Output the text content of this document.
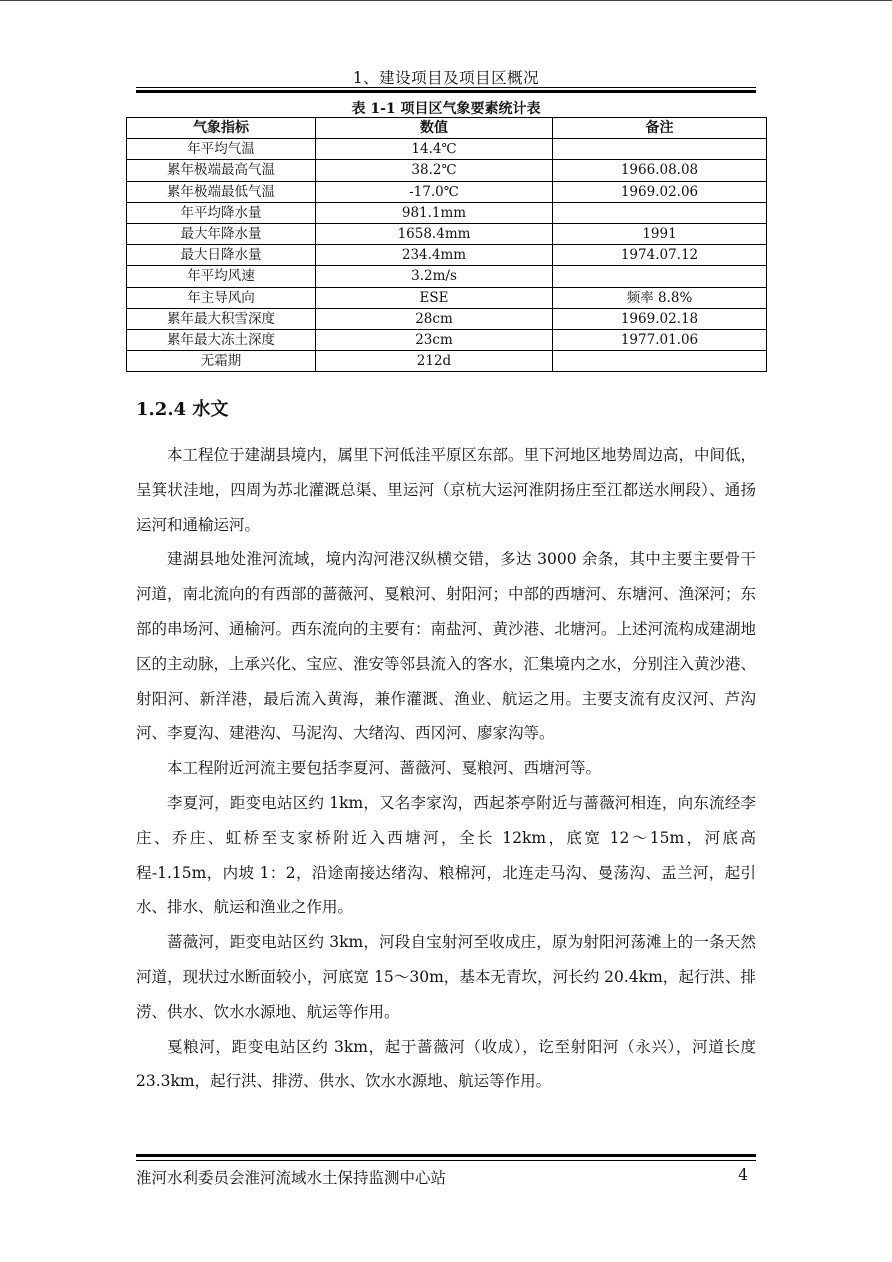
1、建设项目及项目区概况
表 1-1 项目区气象要素统计表
气象指标	数值	备注
年平均气温	14.4℃	
累年极端最高气温	38.2℃	1966.08.08
累年极端最低气温	-17.0℃	1969.02.06
年平均降水量	981.1mm	
最大年降水量	1658.4mm	1991
最大日降水量	234.4mm	1974.07.12
年平均风速	3.2m/s	
年主导风向	ESE	频率 8.8%
累年最大积雪深度	28cm	1969.02.18
累年最大冻土深度	23cm	1977.01.06
无霜期	212d	
1.2.4 水文

本工程位于建湖县境内，属里下河低洼平原区东部。里下河地区地势周边高，中间低，呈箕状洼地，四周为苏北灌溉总渠、里运河（京杭大运河淮阴扬庄至江都送水闸段）、通扬运河和通榆运河。

建湖县地处淮河流域，境内沟河港汉纵横交错，多达 3000 余条，其中主要主要骨干河道，南北流向的有西部的蔷薇河、戛粮河、射阳河；中部的西塘河、东塘河、渔深河；东部的串场河、通榆河。西东流向的主要有：南盐河、黄沙港、北塘河。上述河流构成建湖地区的主动脉，上承兴化、宝应、淮安等邻县流入的客水，汇集境内之水，分别注入黄沙港、射阳河、新洋港，最后流入黄海，兼作灌溉、渔业、航运之用。主要支流有皮汉河、芦沟河、李夏沟、建港沟、马泥沟、大绪沟、西冈河、廖家沟等。

本工程附近河流主要包括李夏河、蔷薇河、戛粮河、西塘河等。

李夏河，距变电站区约 1km，又名李家沟，西起茶亭附近与蔷薇河相连，向东流经李庄、乔庄、虹桥至支家桥附近入西塘河，全长 12km，底宽 12～15m，河底高程-1.15m，内坡 1：2，沿途南接达绪沟、粮棉河，北连走马沟、曼荡沟、盂兰河，起引水、排水、航运和渔业之作用。

蔷薇河，距变电站区约 3km，河段自宝射河至收成庄，原为射阳河荡滩上的一条天然河道，现状过水断面较小，河底宽 15～30m，基本无青坎，河长约 20.4km，起行洪、排涝、供水、饮水水源地、航运等作用。

戛粮河，距变电站区约 3km，起于蔷薇河（收成），讫至射阳河（永兴），河道长度 23.3km，起行洪、排涝、供水、饮水水源地、航运等作用。

淮河水利委员会淮河流域水土保持监测中心站	4
